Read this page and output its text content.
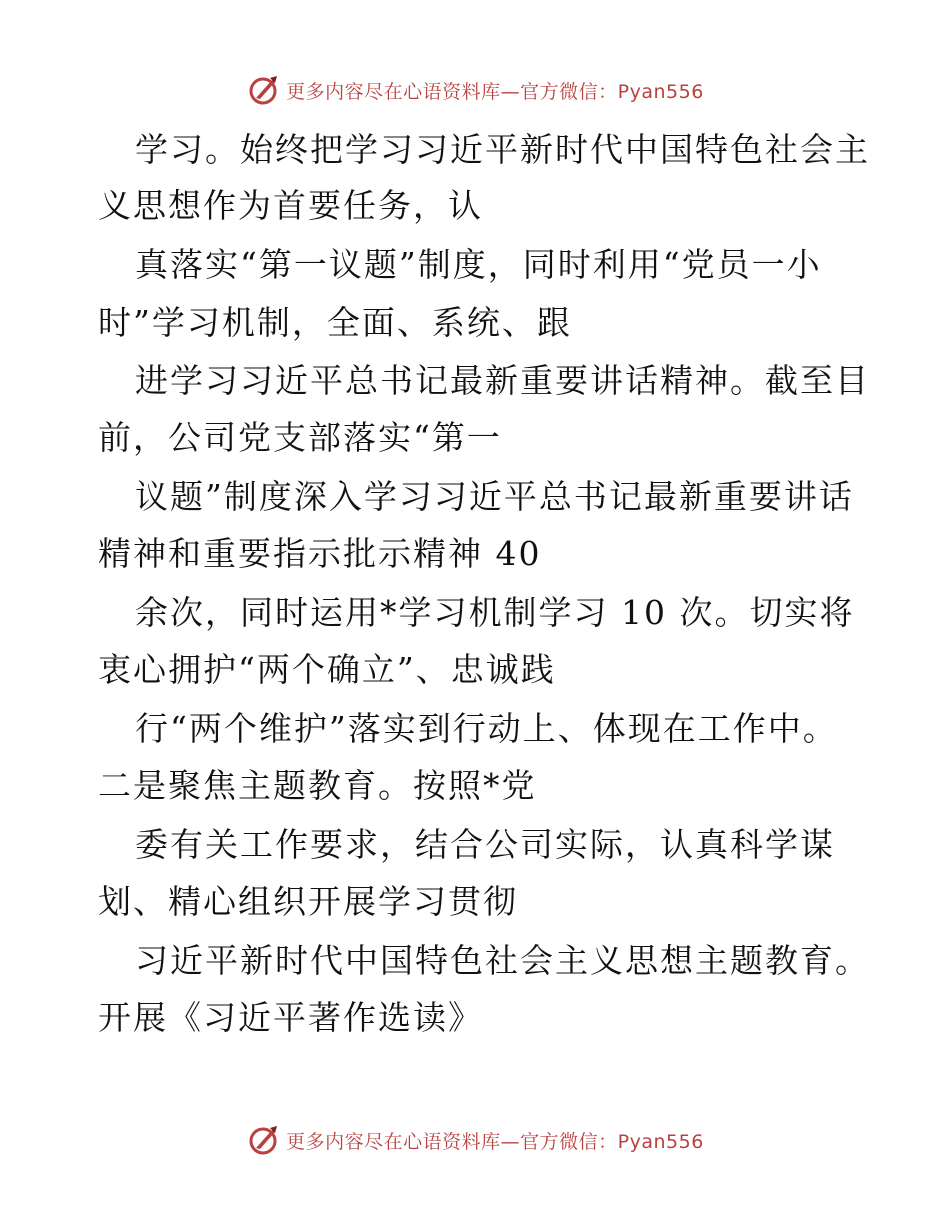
更多内容尽在心语资料库—官方微信：Pyan556
学习。始终把学习习近平新时代中国特色社会主
义思想作为首要任务，认
真落实“第一议题”制度，同时利用“党员一小
时”学习机制，全面、系统、跟
进学习习近平总书记最新重要讲话精神。截至目
前，公司党支部落实“第一
议题”制度深入学习习近平总书记最新重要讲话
精神和重要指示批示精神 40
余次，同时运用*学习机制学习 10 次。切实将
衷心拥护“两个确立”、忠诚践
行“两个维护”落实到行动上、体现在工作中。
二是聚焦主题教育。按照*党
委有关工作要求，结合公司实际，认真科学谋
划、精心组织开展学习贯彻
习近平新时代中国特色社会主义思想主题教育。
开展《习近平著作选读》
更多内容尽在心语资料库—官方微信：Pyan556
